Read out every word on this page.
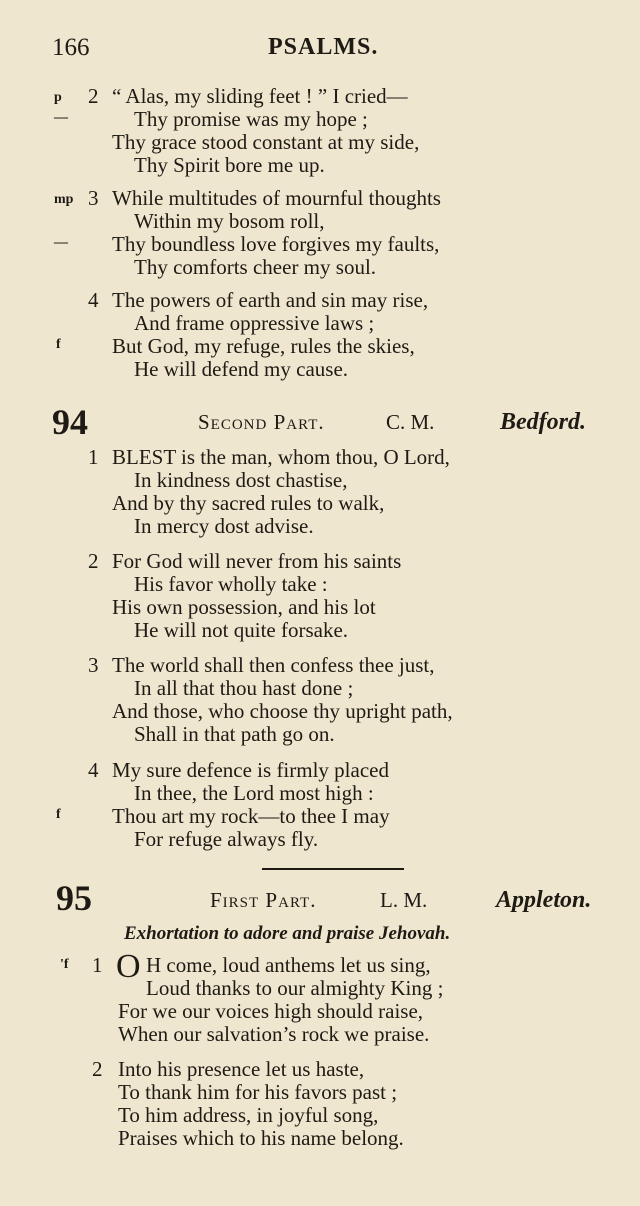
166	PSALMS.
p 2 “ Alas, my sliding feet ! ” I cried—
—	Thy promise was my hope ;
Thy grace stood constant at my side,
Thy Spirit bore me up.
mp 3 While multitudes of mournful thoughts
Within my bosom roll,
— Thy boundless love forgives my faults,
Thy comforts cheer my soul.
4 The powers of earth and sin may rise,
And frame oppressive laws ;
f But God, my refuge, rules the skies,
He will defend my cause.
94	Second Part.	C. M.	Bedford.
1 BLEST is the man, whom thou, O Lord,
In kindness dost chastise,
And by thy sacred rules to walk,
In mercy dost advise.
2 For God will never from his saints
His favor wholly take :
His own possession, and his lot
He will not quite forsake.
3 The world shall then confess thee just,
In all that thou hast done ;
And those, who choose thy upright path,
Shall in that path go on.
4 My sure defence is firmly placed
In thee, the Lord most high :
f Thou art my rock—to thee I may
For refuge always fly.
95	First Part.	L. M.	Appleton.
Exhortation to adore and praise Jehovah.
'f 1 O H come, loud anthems let us sing,
Loud thanks to our almighty King ;
For we our voices high should raise,
When our salvation’s rock we praise.
2 Into his presence let us haste,
To thank him for his favors past ;
To him address, in joyful song,
Praises which to his name belong.
